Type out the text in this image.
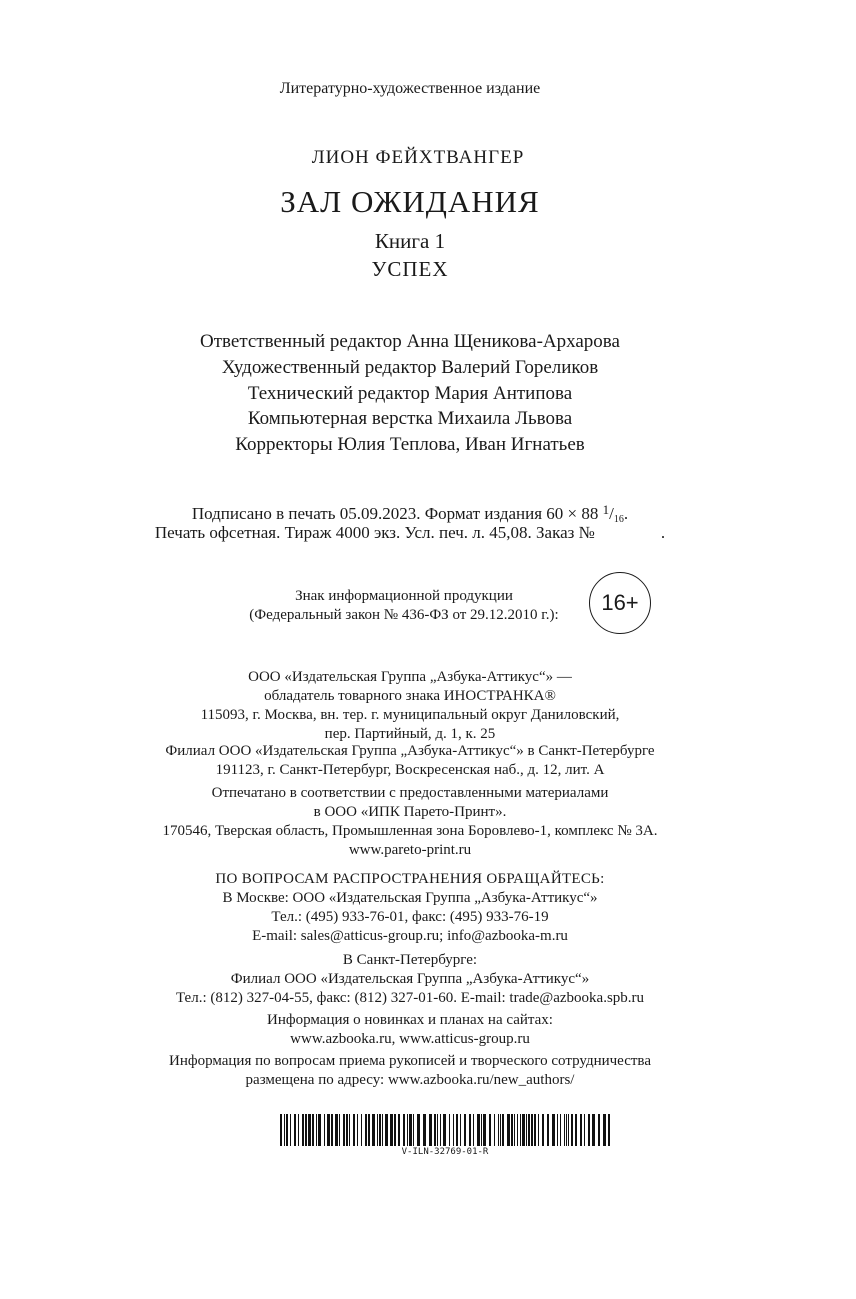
Литературно-художественное издание
ЛИОН ФЕЙХТВАНГЕР
ЗАЛ ОЖИДАНИЯ
Книга 1
УСПЕХ
Ответственный редактор Анна Щеникова-Архарова
Художественный редактор Валерий Гореликов
Технический редактор Мария Антипова
Компьютерная верстка Михаила Львова
Корректоры Юлия Теплова, Иван Игнатьев
Подписано в печать 05.09.2023. Формат издания 60 × 88 $^1$/16.
Печать офсетная. Тираж 4000 экз. Усл. печ. л. 45,08. Заказ №	.
Знак информационной продукции
(Федеральный закон № 436-ФЗ от 29.12.2010 г.):	16+
ООО «Издательская Группа „Азбука-Аттикус“» —
обладатель товарного знака ИНОСТРАНКА®
115093, г. Москва, вн. тер. г. муниципальный округ Даниловский,
пер. Партийный, д. 1, к. 25
Филиал ООО «Издательская Группа „Азбука-Аттикус“» в Санкт-Петербурге
191123, г. Санкт-Петербург, Воскресенская наб., д. 12, лит. А
Отпечатано в соответствии с предоставленными материалами
в ООО «ИПК Парето-Принт».
170546, Тверская область, Промышленная зона Боровлево-1, комплекс № 3А.
www.pareto-print.ru
ПО ВОПРОСАМ РАСПРОСТРАНЕНИЯ ОБРАЩАЙТЕСЬ:
В Москве: ООО «Издательская Группа „Азбука-Аттикус“»
Тел.: (495) 933-76-01, факс: (495) 933-76-19
E-mail: sales@atticus-group.ru; info@azbooka-m.ru
В Санкт-Петербурге:
Филиал ООО «Издательская Группа „Азбука-Аттикус“»
Тел.: (812) 327-04-55, факс: (812) 327-01-60. E-mail: trade@azbooka.spb.ru
Информация о новинках и планах на сайтах:
www.azbooka.ru, www.atticus-group.ru
Информация по вопросам приема рукописей и творческого сотрудничества
размещена по адресу: www.azbooka.ru/new_authors/
V-ILN-32769-01-R
